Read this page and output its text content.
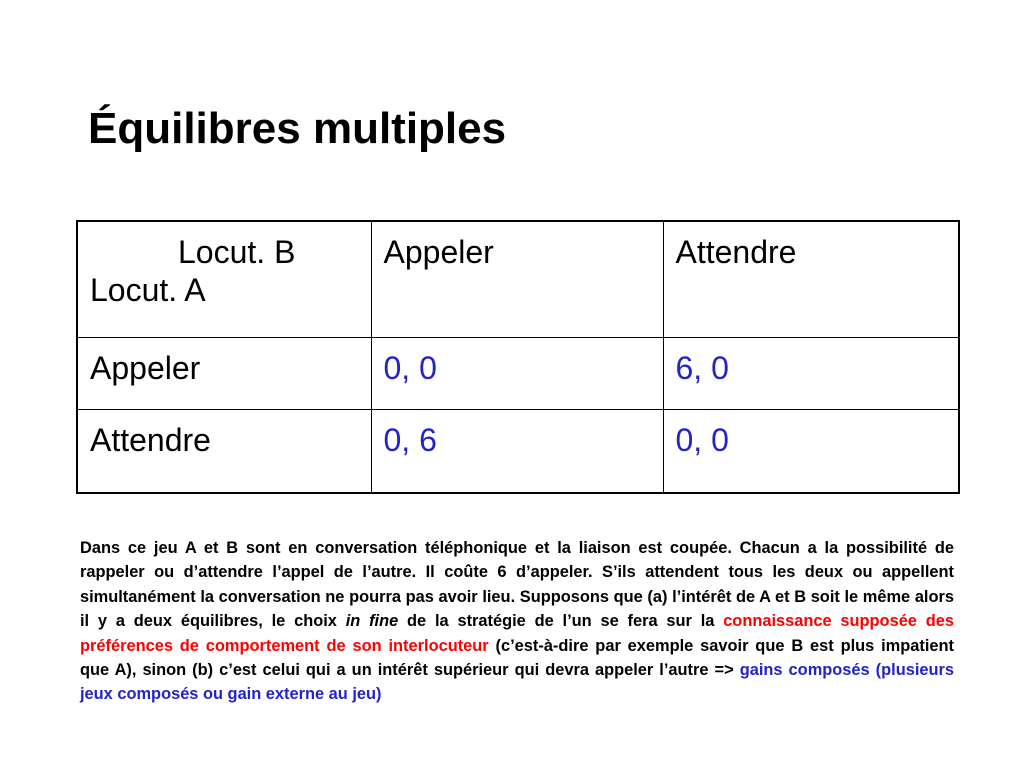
Équilibres multiples
Locut. B
Locut. A	Appeler	Attendre
Appeler	0, 0	6, 0
Attendre	0, 6	0, 0

Dans ce jeu A et B sont en conversation téléphonique et la liaison est coupée. Chacun a la possibilité de rappeler ou d’attendre l’appel de l’autre. Il coûte 6 d’appeler. S’ils attendent tous les deux ou appellent simultanément la conversation ne pourra pas avoir lieu. Supposons que (a) l’intérêt de A et B soit le même alors il y a deux équilibres, le choix in fine de la stratégie de l’un se fera sur la connaissance supposée des préférences de comportement de son interlocuteur (c’est-à-dire par exemple savoir que B est plus impatient que A), sinon (b) c’est celui qui a un intérêt supérieur qui devra appeler l’autre => gains composés (plusieurs jeux composés ou gain externe au jeu)
